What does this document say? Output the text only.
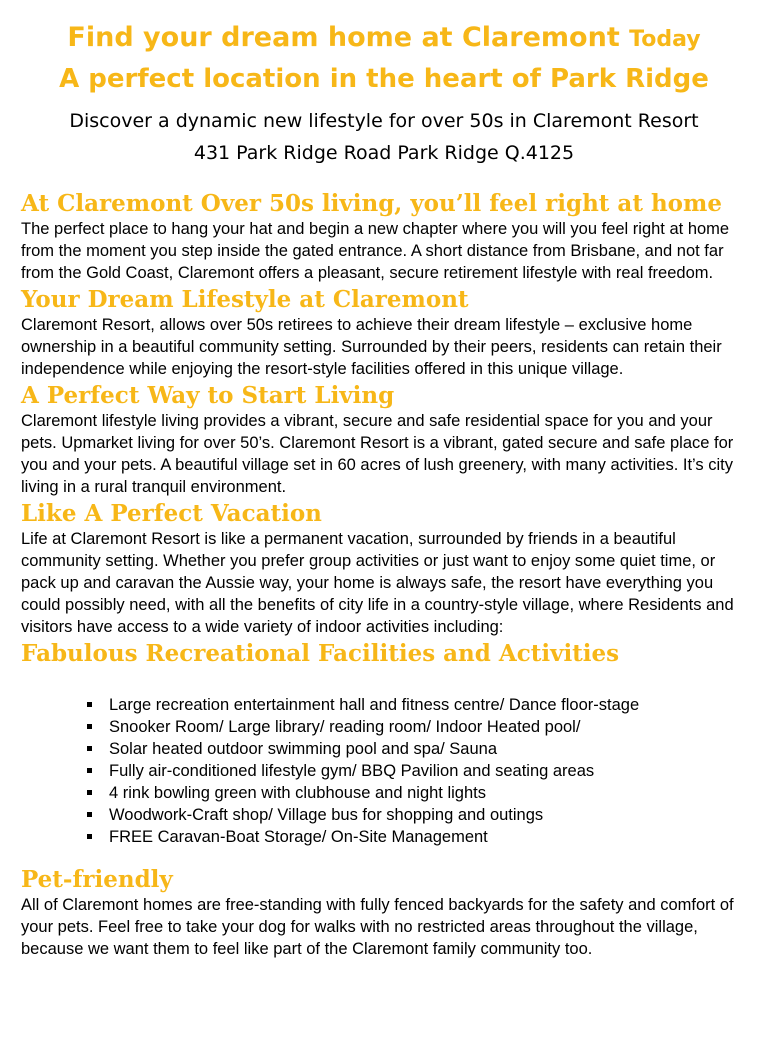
Find your dream home at Claremont Today
A perfect location in the heart of Park Ridge

Discover a dynamic new lifestyle for over 50s in Claremont Resort

431 Park Ridge Road Park Ridge Q.4125

At Claremont Over 50s living, you’ll feel right at home

The perfect place to hang your hat and begin a new chapter where you will you feel right at home from the moment you step inside the gated entrance. A short distance from Brisbane, and not far from the Gold Coast, Claremont offers a pleasant, secure retirement lifestyle with real freedom.

Your Dream Lifestyle at Claremont

Claremont Resort, allows over 50s retirees to achieve their dream lifestyle – exclusive home ownership in a beautiful community setting. Surrounded by their peers, residents can retain their independence while enjoying the resort-style facilities offered in this unique village.

A Perfect Way to Start Living

Claremont lifestyle living provides a vibrant, secure and safe residential space for you and your pets. Upmarket living for over 50’s. Claremont Resort is a vibrant, gated secure and safe place for you and your pets. A beautiful village set in 60 acres of lush greenery, with many activities. It’s city living in a rural tranquil environment.

Like A Perfect Vacation

Life at Claremont Resort is like a permanent vacation, surrounded by friends in a beautiful community setting. Whether you prefer group activities or just want to enjoy some quiet time, or pack up and caravan the Aussie way, your home is always safe, the resort have everything you could possibly need, with all the benefits of city life in a country-style village, where Residents and visitors have access to a wide variety of indoor activities including:

Fabulous Recreational Facilities and Activities
Large recreation entertainment hall and fitness centre/ Dance floor-stage
Snooker Room/ Large library/ reading room/ Indoor Heated pool/
Solar heated outdoor swimming pool and spa/ Sauna
Fully air-conditioned lifestyle gym/ BBQ Pavilion and seating areas
4 rink bowling green with clubhouse and night lights
Woodwork-Craft shop/ Village bus for shopping and outings
FREE Caravan-Boat Storage/ On-Site Management
Pet-friendly

All of Claremont homes are free-standing with fully fenced backyards for the safety and comfort of your pets. Feel free to take your dog for walks with no restricted areas throughout the village, because we want them to feel like part of the Claremont family community too.
